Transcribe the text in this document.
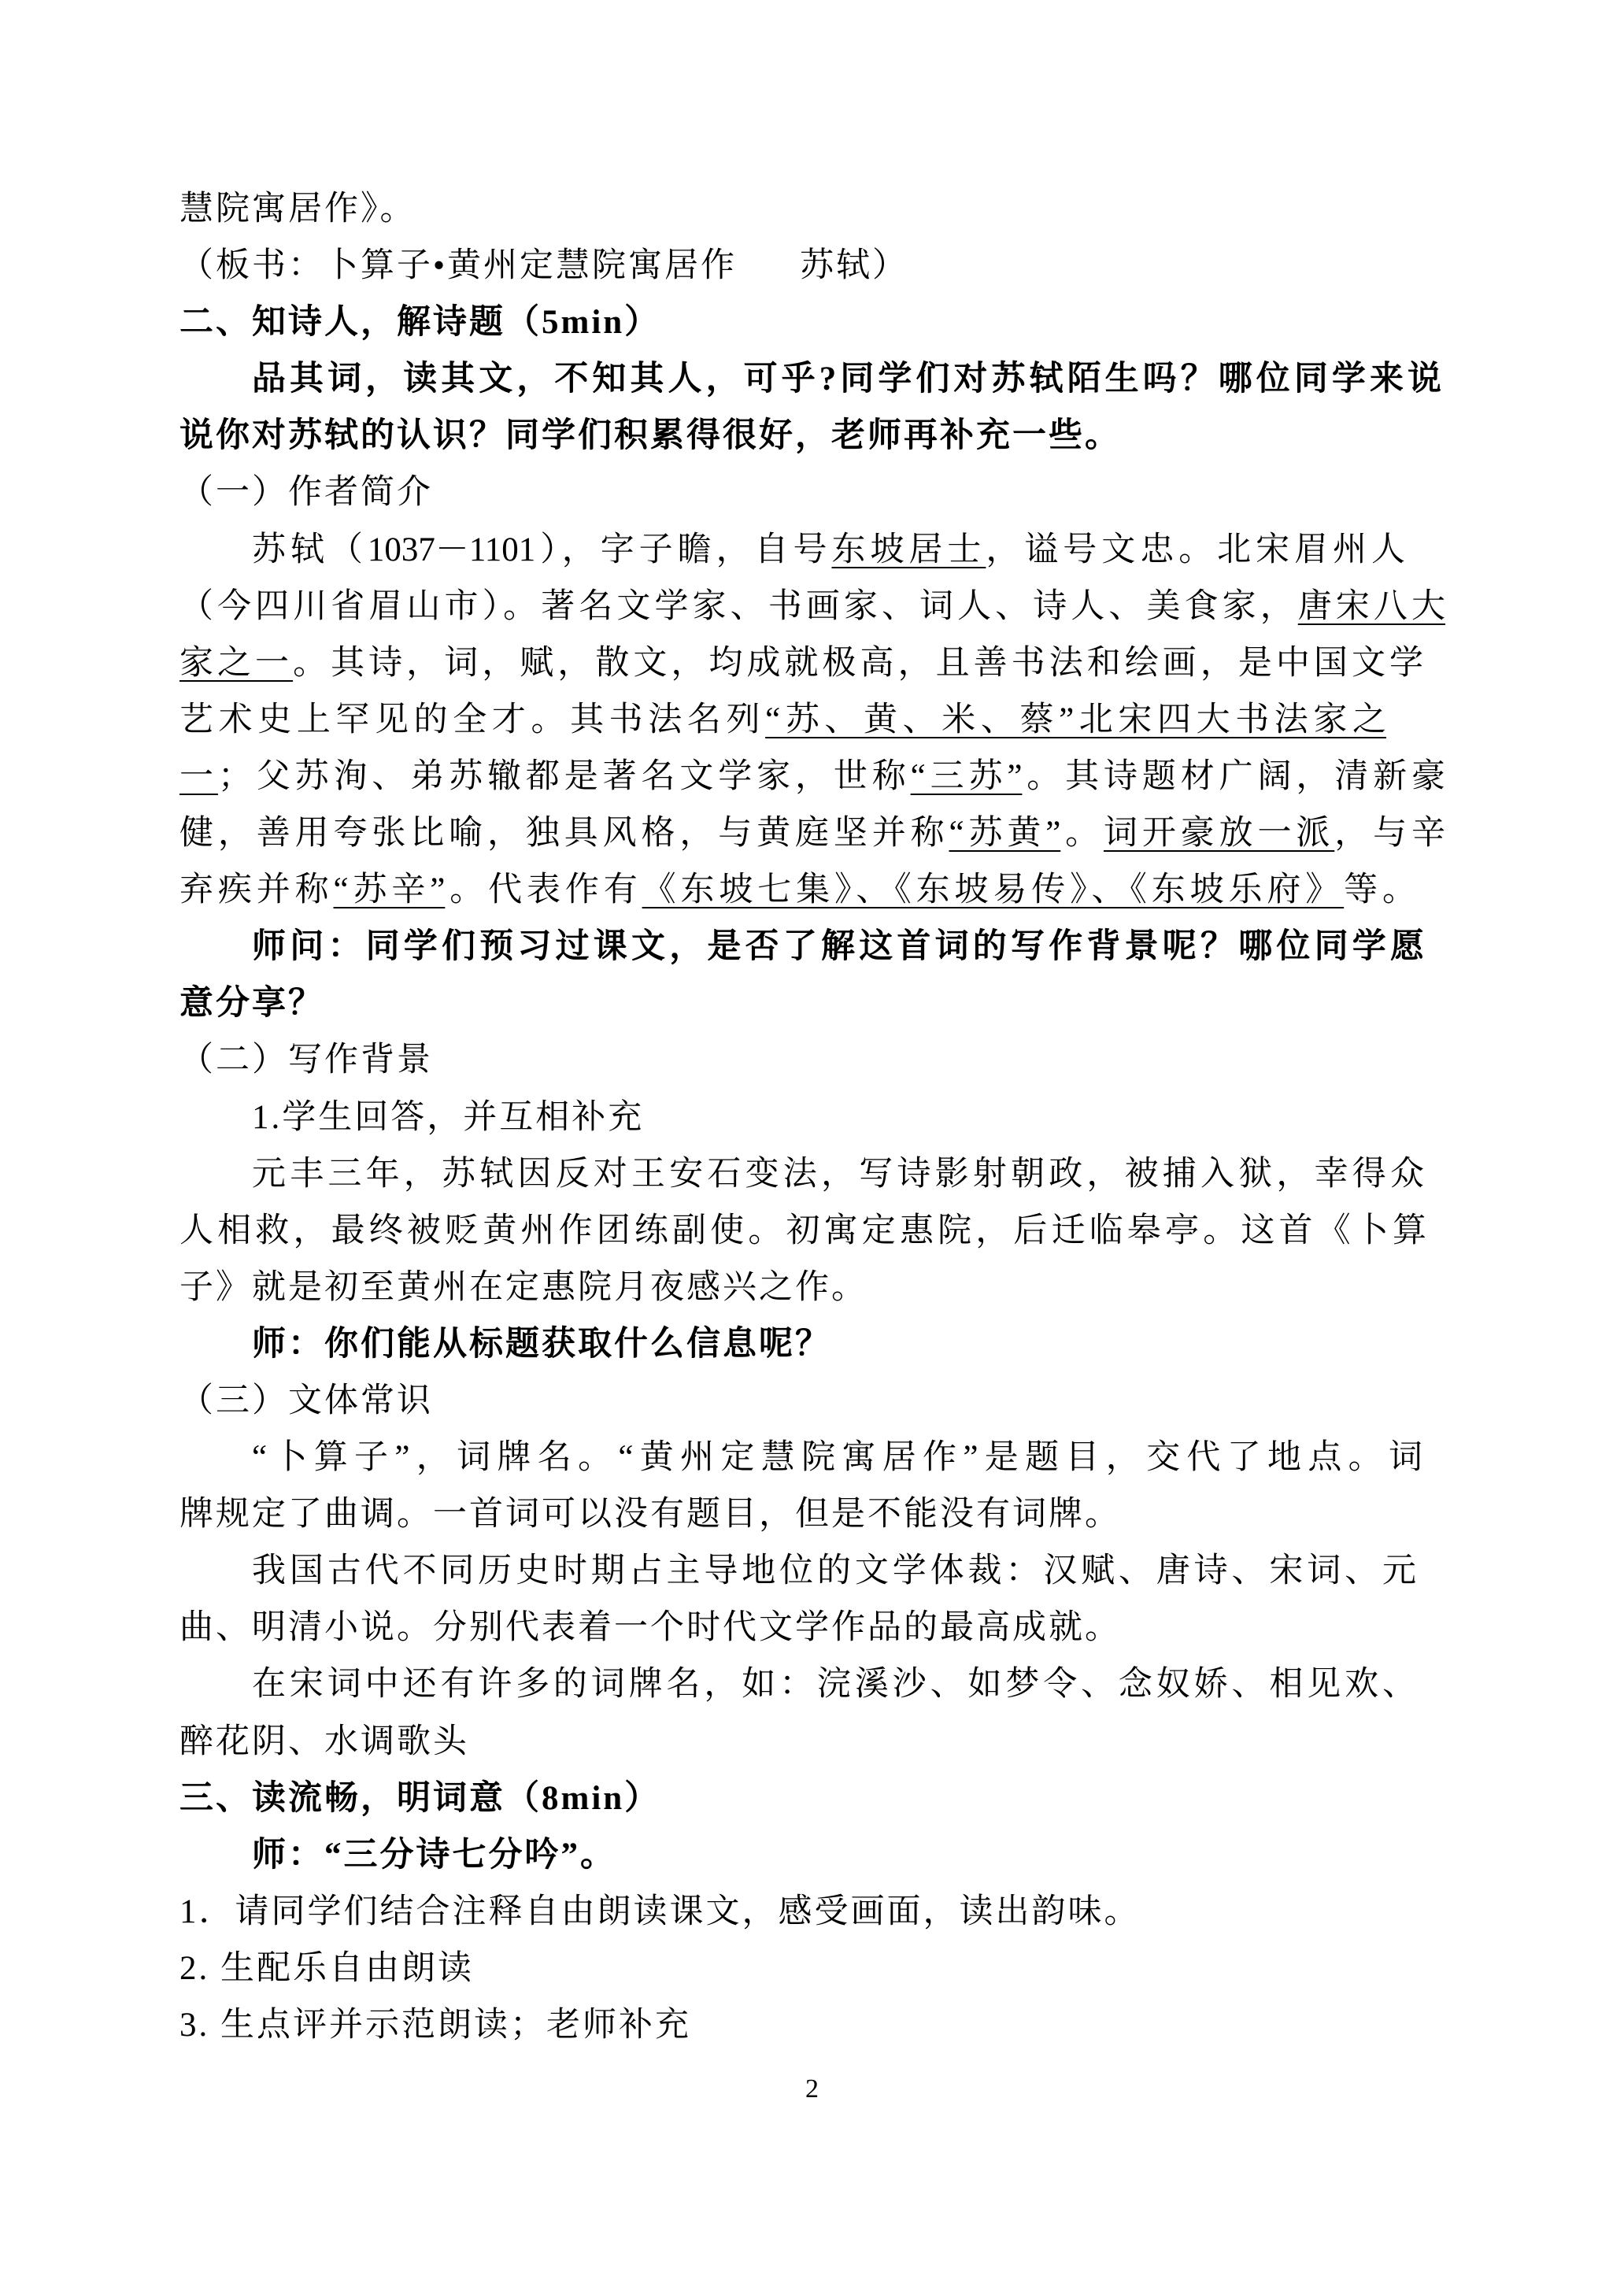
慧院寓居作》。
（板书：卜算子•黄州定慧院寓居作 苏轼）
二、知诗人，解诗题（5min）
品其词，读其文，不知其人，可乎?同学们对苏轼陌生吗？哪位同学来说
说你对苏轼的认识？同学们积累得很好，老师再补充一些。
（一）作者简介
苏轼（1037－1101），字子瞻，自号东坡居士，谥号文忠。北宋眉州人
（今四川省眉山市）。著名文学家、书画家、词人、诗人、美食家，唐宋八大
家之一。其诗，词，赋，散文，均成就极高，且善书法和绘画，是中国文学
艺术史上罕见的全才。其书法名列“苏、黄、米、蔡”北宋四大书法家之
一；父苏洵、弟苏辙都是著名文学家，世称“三苏”。其诗题材广阔，清新豪
健，善用夸张比喻，独具风格，与黄庭坚并称“苏黄”。词开豪放一派，与辛
弃疾并称“苏辛”。代表作有《东坡七集》、《东坡易传》、《东坡乐府》等。
师问：同学们预习过课文，是否了解这首词的写作背景呢？哪位同学愿
意分享？
（二）写作背景
1.学生回答，并互相补充
元丰三年，苏轼因反对王安石变法，写诗影射朝政，被捕入狱，幸得众
人相救，最终被贬黄州作团练副使。初寓定惠院，后迁临皋亭。这首《卜算
子》就是初至黄州在定惠院月夜感兴之作。
师：你们能从标题获取什么信息呢？
（三）文体常识
“卜算子”，词牌名。“黄州定慧院寓居作”是题目，交代了地点。词
牌规定了曲调。一首词可以没有题目，但是不能没有词牌。
我国古代不同历史时期占主导地位的文学体裁：汉赋、唐诗、宋词、元
曲、明清小说。分别代表着一个时代文学作品的最高成就。
在宋词中还有许多的词牌名，如：浣溪沙、如梦令、念奴娇、相见欢、
醉花阴、水调歌头
三、读流畅，明词意（8min）
师：“三分诗七分吟”。
1．请同学们结合注释自由朗读课文，感受画面，读出韵味。
2. 生配乐自由朗读
3. 生点评并示范朗读；老师补充
2
